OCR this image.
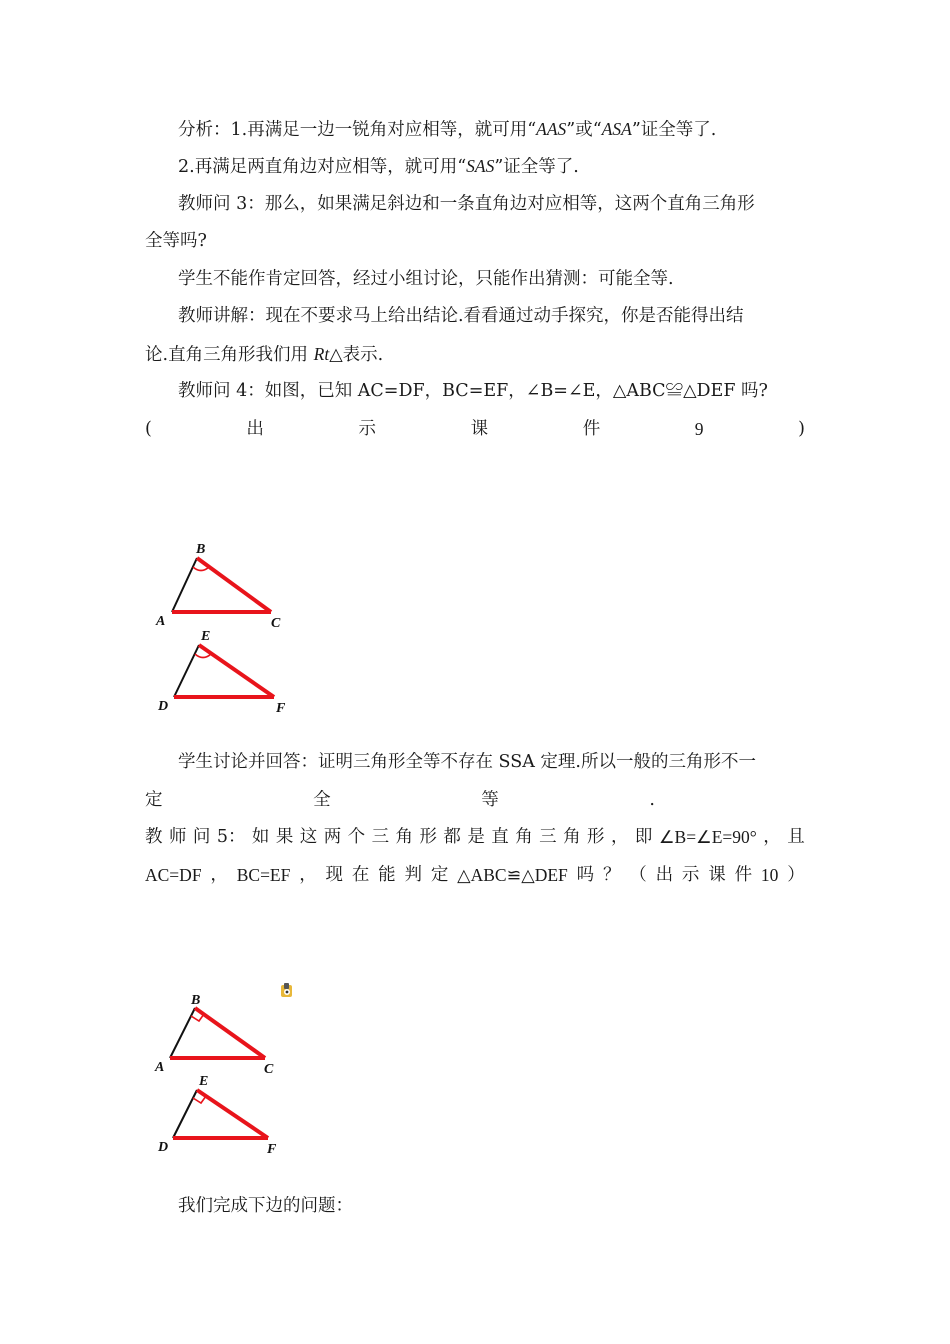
分析：1.再满足一边一锐角对应相等，就可用“AAS”或“ASA”证全等了.
2.再满足两直角边对应相等，就可用“SAS”证全等了.
教师问 3：那么，如果满足斜边和一条直角边对应相等，这两个直角三角形
全等吗?
学生不能作肯定回答，经过小组讨论，只能作出猜测：可能全等.
教师讲解：现在不要求马上给出结论.看看通过动手探究，你是否能得出结
论.直角三角形我们用 Rt△表示.
教师问 4：如图，已知 AC=DF，BC=EF，∠B=∠E，△ABC≌△DEF 吗?
(	出	示	课	件	9	)
B
A	C
E
D	F
学生讨论并回答：证明三角形全等不存在 SSA 定理.所以一般的三角形不一
定	全	等	.
教 师 问 5： 如 果 这 两 个 三 角 形 都 是 直 角 三 角 形 ， 即 ∠B=∠E=90° ， 且
AC=DF ， BC=EF ， 现 在 能 判 定 △ABC≌△DEF 吗 ？ （ 出 示 课 件 10 ）
B
A	C
E
D	F
我们完成下边的问题：
